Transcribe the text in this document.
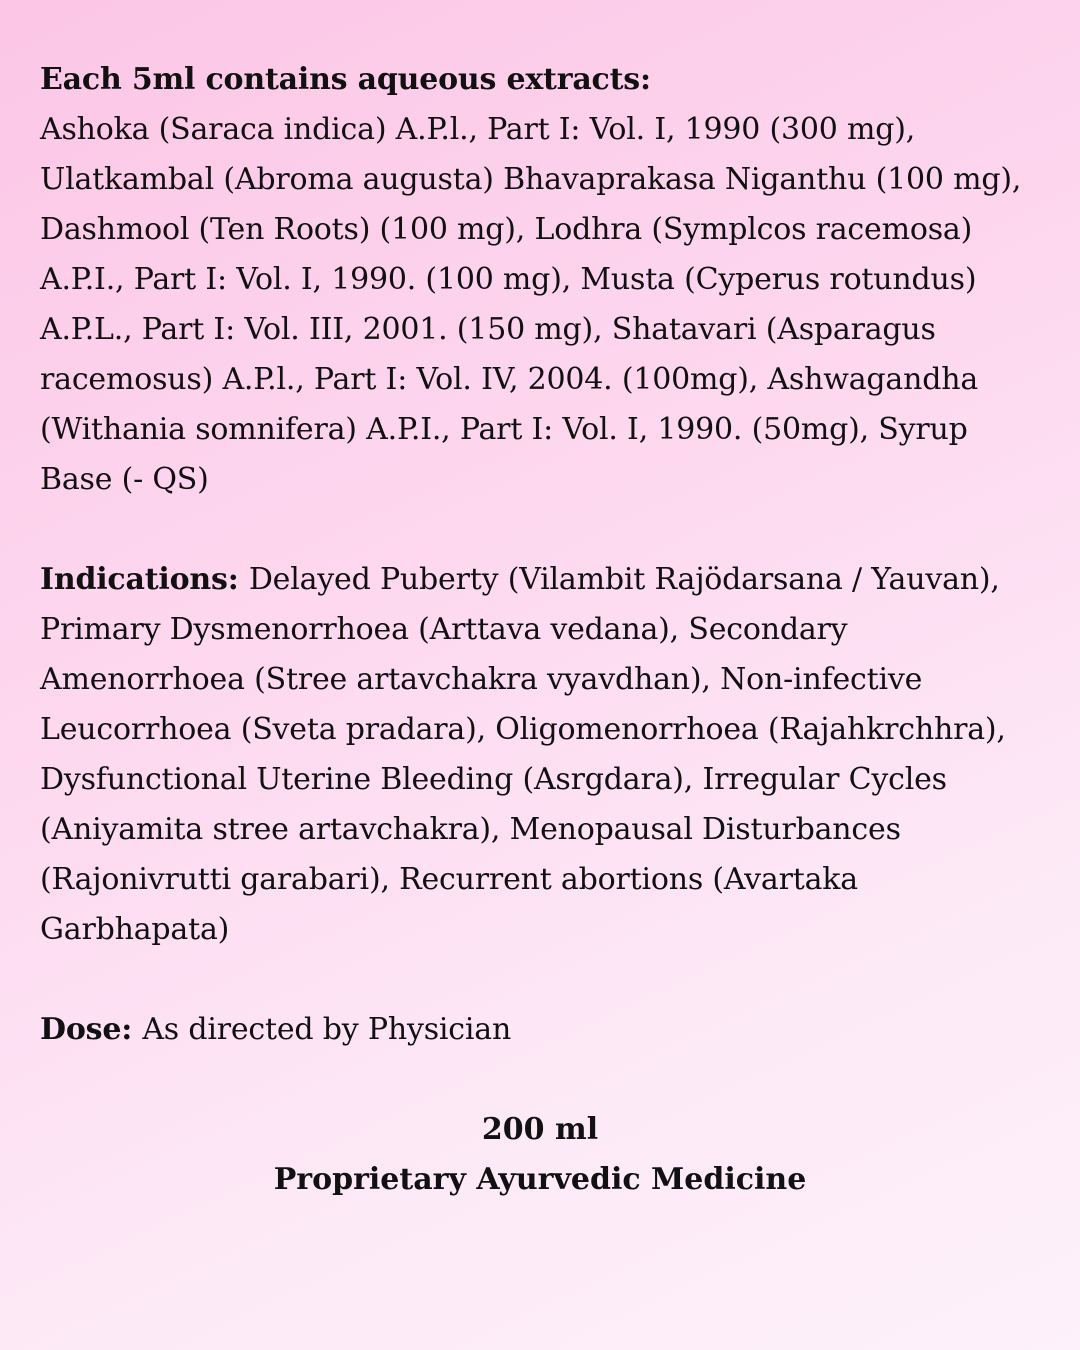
Each 5ml contains aqueous extracts:
Ashoka (Saraca indica) A.P.l., Part I: Vol. I, 1990 (300 mg), Ulatkambal (Abroma augusta) Bhavaprakasa Niganthu (100 mg), Dashmool (Ten Roots) (100 mg), Lodhra (Symplcos racemosa) A.P.I., Part I: Vol. I, 1990. (100 mg), Musta (Cyperus rotundus) A.P.L., Part I: Vol. III, 2001. (150 mg), Shatavari (Asparagus racemosus) A.P.l., Part I: Vol. IV, 2004. (100mg), Ashwagandha (Withania somnifera) A.P.I., Part I: Vol. I, 1990. (50mg), Syrup Base (- QS)
Indications: Delayed Puberty (Vilambit Rajödarsana / Yauvan), Primary Dysmenorrhoea (Arttava vedana), Secondary Amenorrhoea (Stree artavchakra vyavdhan), Non-infective Leucorrhoea (Sveta pradara), Oligomenorrhoea (Rajahkrchhra), Dysfunctional Uterine Bleeding (Asrgdara), Irregular Cycles (Aniyamita stree artavchakra), Menopausal Disturbances (Rajonivrutti garabari), Recurrent abortions (Avartaka Garbhapata)
Dose: As directed by Physician
200 ml
Proprietary Ayurvedic Medicine
